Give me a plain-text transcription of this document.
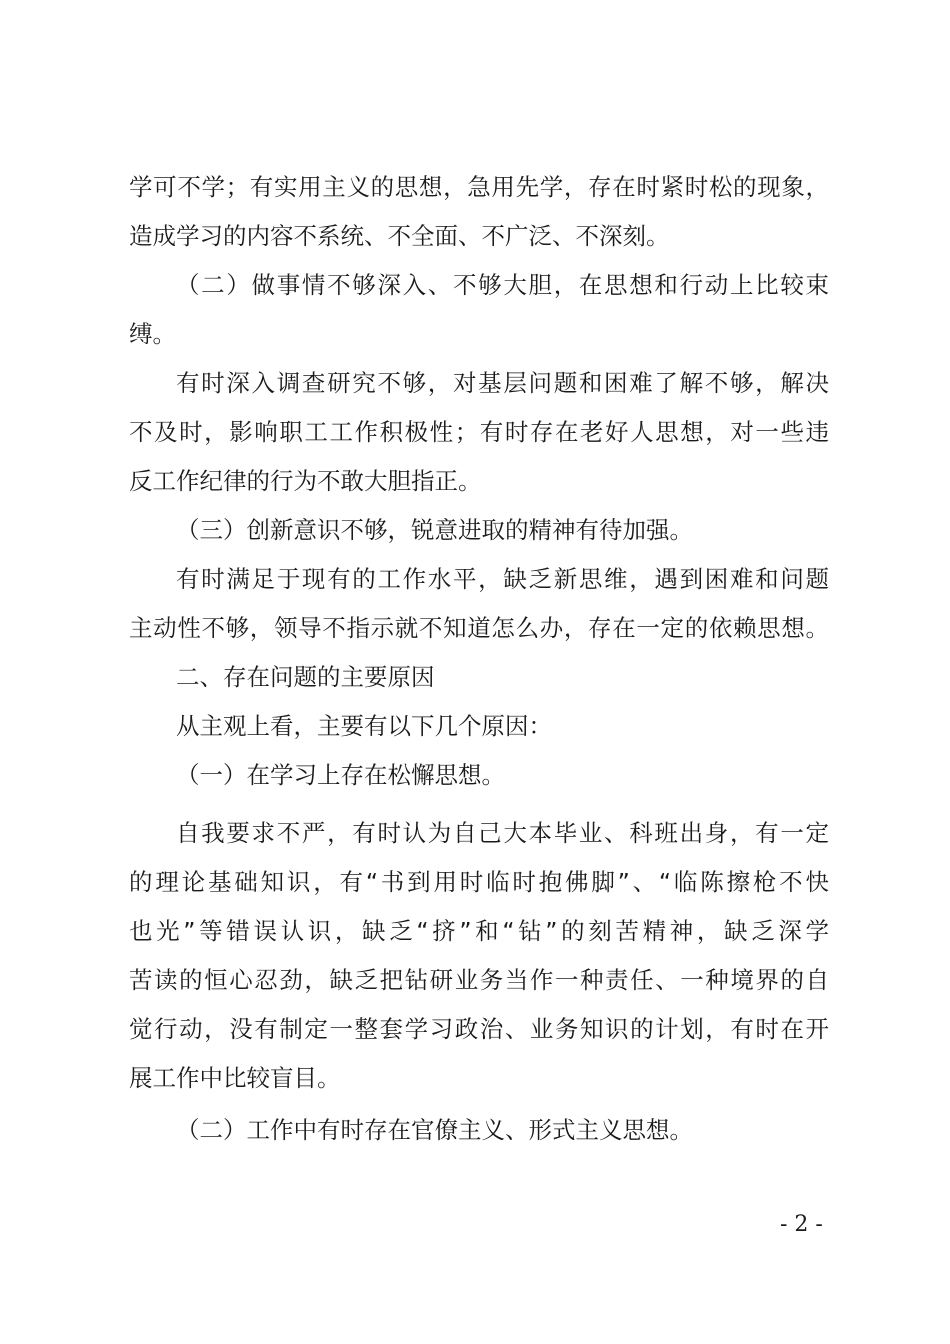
学可不学；有实用主义的思想，急用先学，存在时紧时松的现象，
造成学习的内容不系统、不全面、不广泛、不深刻。
（二）做事情不够深入、不够大胆，在思想和行动上比较束
缚。
有时深入调查研究不够，对基层问题和困难了解不够，解决
不及时，影响职工工作积极性；有时存在老好人思想，对一些违
反工作纪律的行为不敢大胆指正。
（三）创新意识不够，锐意进取的精神有待加强。
有时满足于现有的工作水平，缺乏新思维，遇到困难和问题
主动性不够，领导不指示就不知道怎么办，存在一定的依赖思想。
二、存在问题的主要原因
从主观上看，主要有以下几个原因：
（一）在学习上存在松懈思想。
自我要求不严，有时认为自己大本毕业、科班出身，有一定
的理论基础知识，有“书到用时临时抱佛脚”、“临陈擦枪不快
也光”等错误认识，缺乏“挤”和“钻”的刻苦精神，缺乏深学
苦读的恒心忍劲，缺乏把钻研业务当作一种责任、一种境界的自
觉行动，没有制定一整套学习政治、业务知识的计划，有时在开
展工作中比较盲目。
（二）工作中有时存在官僚主义、形式主义思想。
- 2 -
